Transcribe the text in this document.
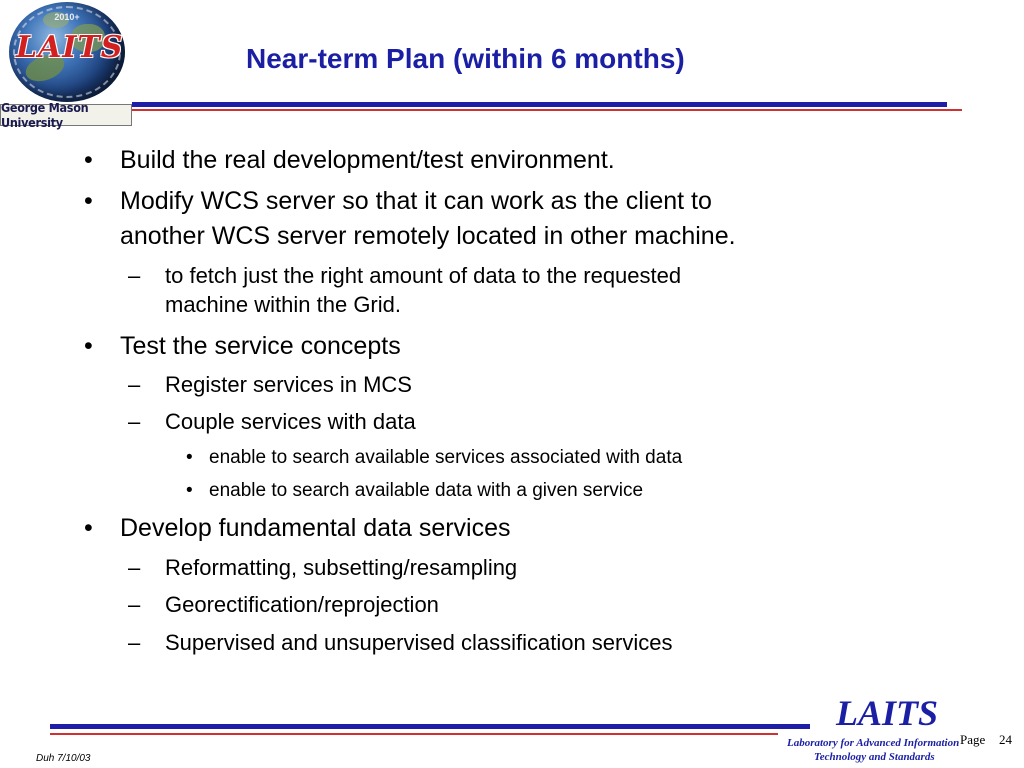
2010+
LAITS
George Mason University
Near-term Plan (within 6 months)
• Build the real development/test environment.
• Modify WCS server so that it can work as the client to
another WCS server remotely located in other machine.
– to fetch just the right amount of data to the requested
machine within the Grid.
• Test the service concepts
– Register services in MCS
– Couple services with data
• enable to search available services associated with data
• enable to search available data with a given service
• Develop fundamental data services
– Reformatting, subsetting/resampling
– Georectification/reprojection
– Supervised and unsupervised classification services
Duh 7/10/03
LAITS
Laboratory for Advanced Information
Technology and Standards
Page 24
